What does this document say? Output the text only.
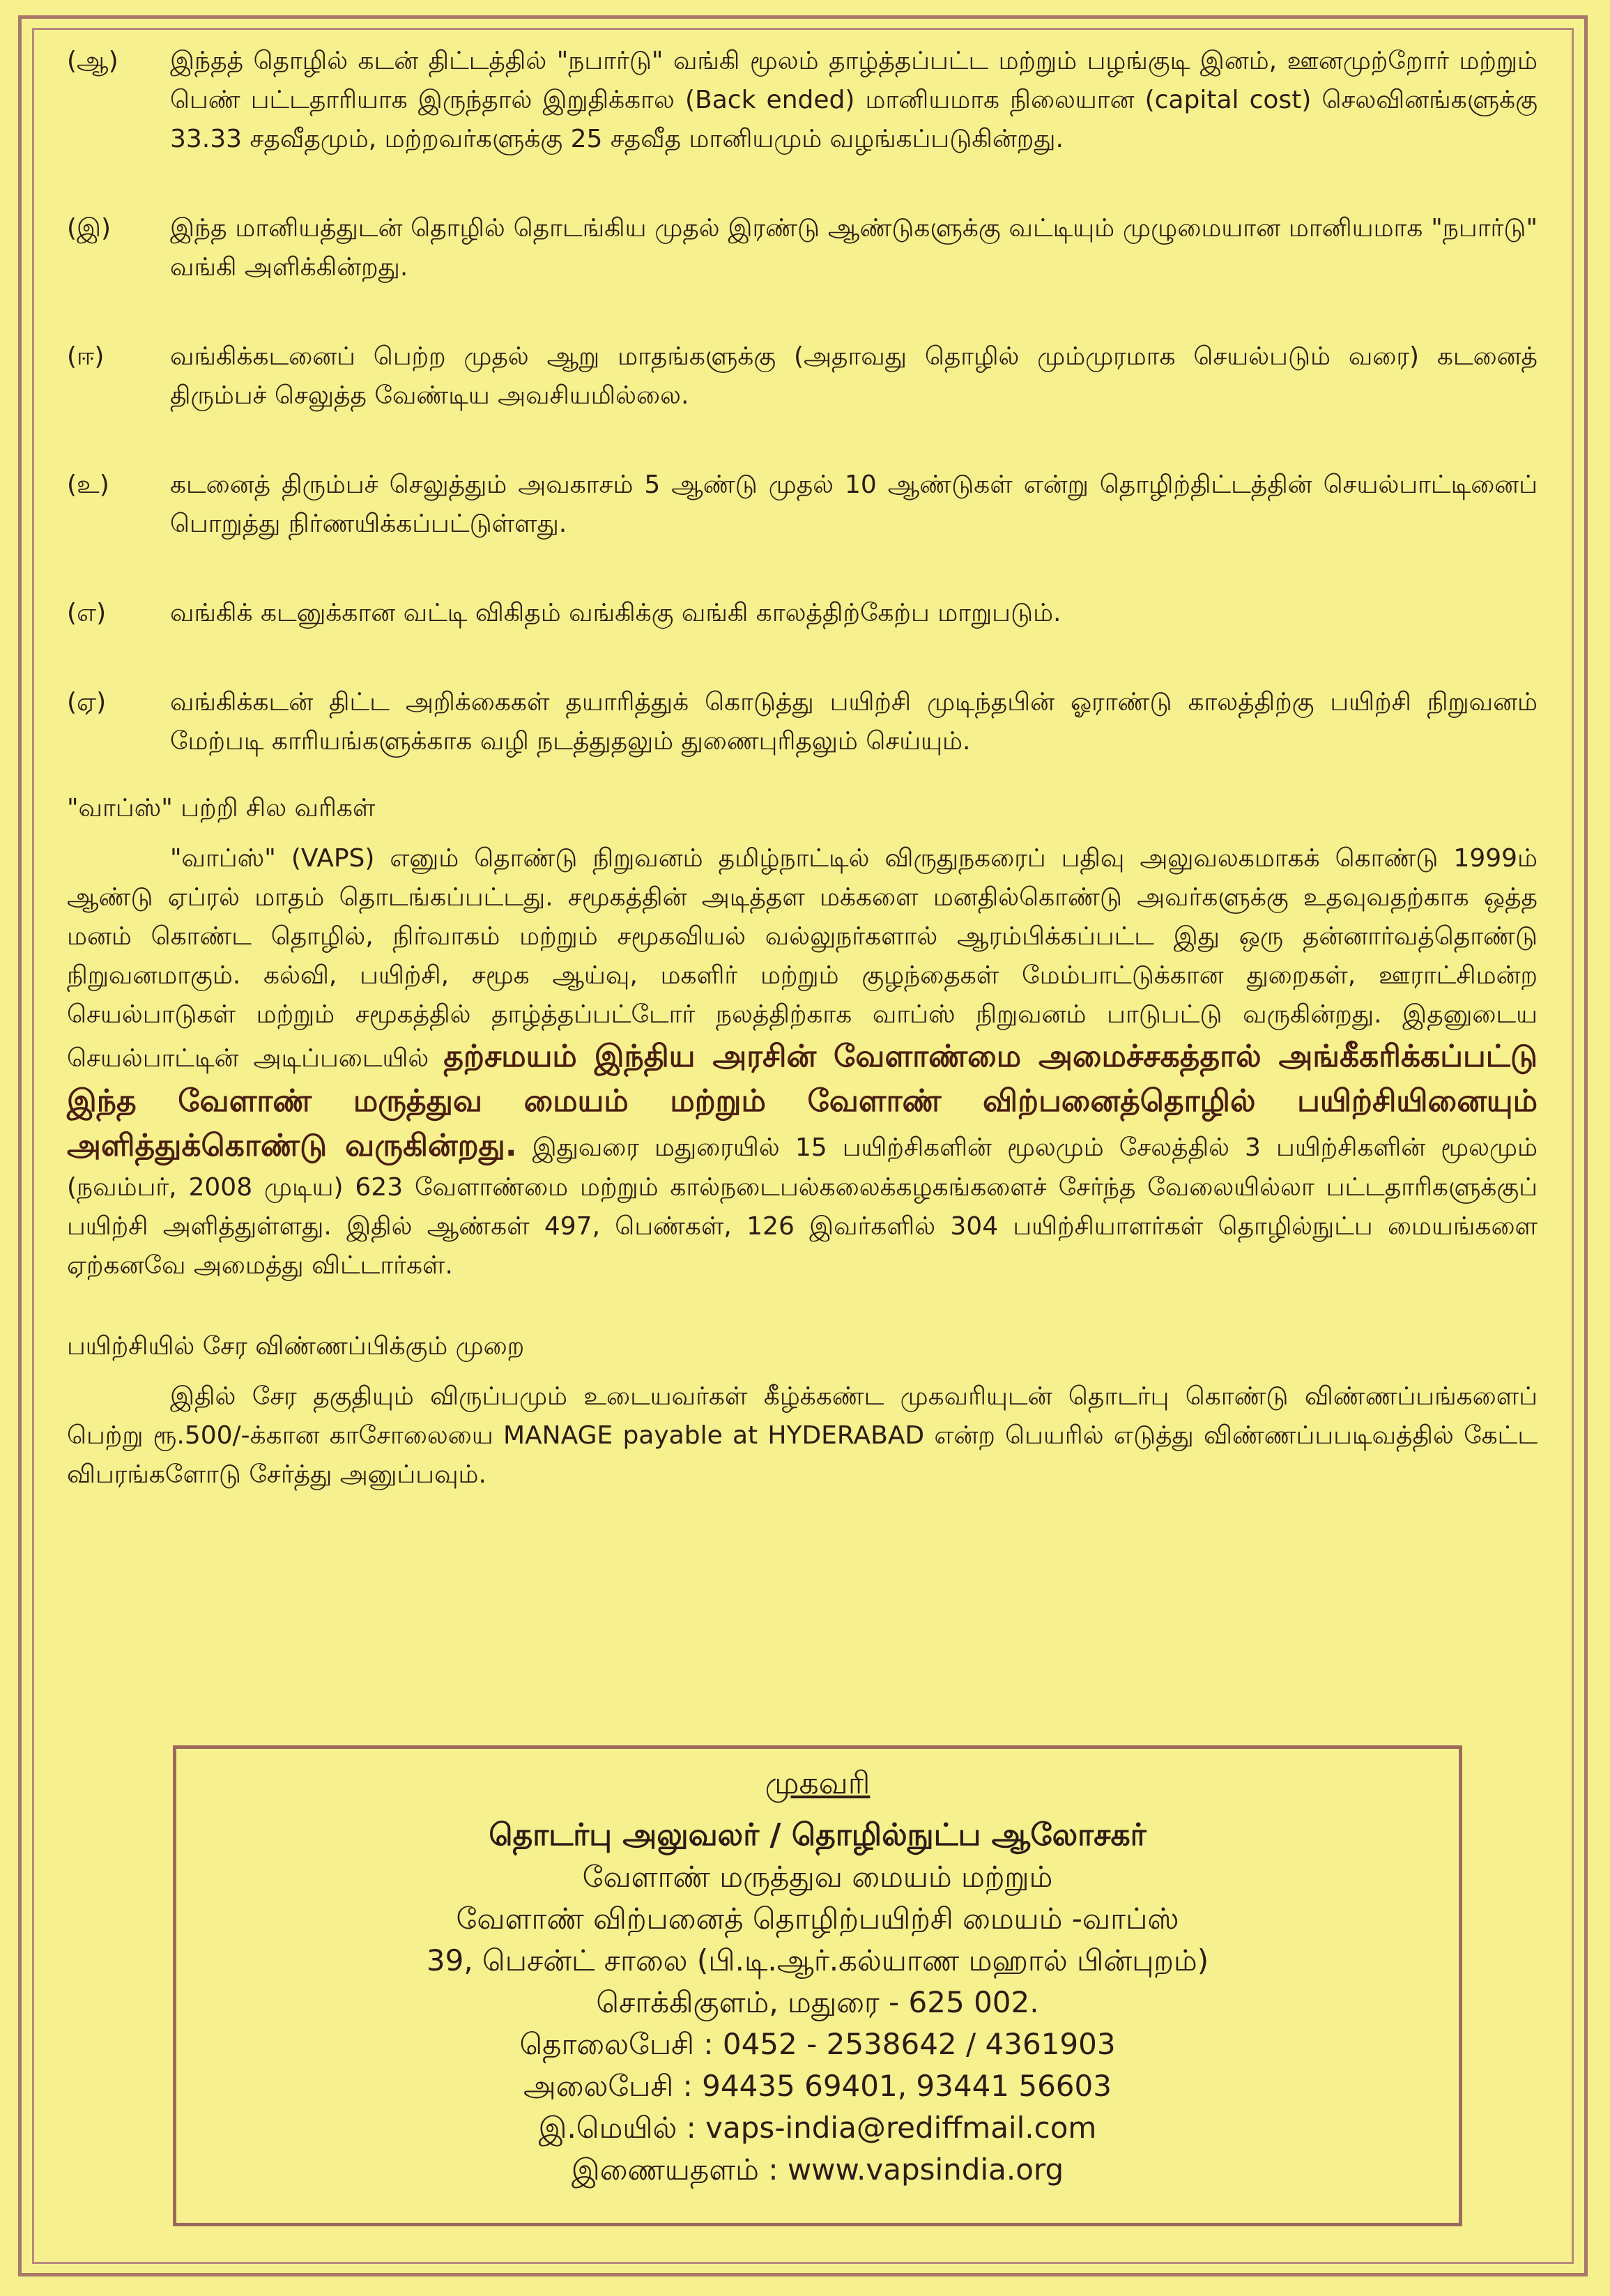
(ஆ)	இந்தத் தொழில் கடன் திட்டத்தில் "நபார்டு" வங்கி மூலம் தாழ்த்தப்பட்ட மற்றும் பழங்குடி இனம், ஊனமுற்றோர் மற்றும் பெண் பட்டதாரியாக இருந்தால் இறுதிக்கால (Back ended) மானியமாக நிலையான (capital cost) செலவினங்களுக்கு 33.33 சதவீதமும், மற்றவர்களுக்கு 25 சதவீத மானியமும் வழங்கப்படுகின்றது.
(இ)	இந்த மானியத்துடன் தொழில் தொடங்கிய முதல் இரண்டு ஆண்டுகளுக்கு வட்டியும் முழுமையான மானியமாக "நபார்டு" வங்கி அளிக்கின்றது.
(ஈ)	வங்கிக்கடனைப் பெற்ற முதல் ஆறு மாதங்களுக்கு (அதாவது தொழில் மும்முரமாக செயல்படும் வரை) கடனைத் திரும்பச் செலுத்த வேண்டிய அவசியமில்லை.
(உ)	கடனைத் திரும்பச் செலுத்தும் அவகாசம் 5 ஆண்டு முதல் 10 ஆண்டுகள் என்று தொழிற்திட்டத்தின் செயல்பாட்டினைப் பொறுத்து நிர்ணயிக்கப்பட்டுள்ளது.
(எ)	வங்கிக் கடனுக்கான வட்டி விகிதம் வங்கிக்கு வங்கி காலத்திற்கேற்ப மாறுபடும்.
(ஏ)	வங்கிக்கடன் திட்ட அறிக்கைகள் தயாரித்துக் கொடுத்து பயிற்சி முடிந்தபின் ஓராண்டு காலத்திற்கு பயிற்சி நிறுவனம் மேற்படி காரியங்களுக்காக வழி நடத்துதலும் துணைபுரிதலும் செய்யும்.
"வாப்ஸ்" பற்றி சில வரிகள்

"வாப்ஸ்" (VAPS) எனும் தொண்டு நிறுவனம் தமிழ்நாட்டில் விருதுநகரைப் பதிவு அலுவலகமாகக் கொண்டு 1999ம் ஆண்டு ஏப்ரல் மாதம் தொடங்கப்பட்டது. சமூகத்தின் அடித்தள மக்களை மனதில்கொண்டு அவர்களுக்கு உதவுவதற்காக ஒத்த மனம் கொண்ட தொழில், நிர்வாகம் மற்றும் சமூகவியல் வல்லுநர்களால் ஆரம்பிக்கப்பட்ட இது ஒரு தன்னார்வத்தொண்டு நிறுவனமாகும். கல்வி, பயிற்சி, சமூக ஆய்வு, மகளிர் மற்றும் குழந்தைகள் மேம்பாட்டுக்கான துறைகள், ஊராட்சிமன்ற செயல்பாடுகள் மற்றும் சமூகத்தில் தாழ்த்தப்பட்டோர் நலத்திற்காக வாப்ஸ் நிறுவனம் பாடுபட்டு வருகின்றது. இதனுடைய செயல்பாட்டின் அடிப்படையில் தற்சமயம் இந்திய அரசின் வேளாண்மை அமைச்சகத்தால் அங்கீகரிக்கப்பட்டு இந்த வேளாண் மருத்துவ மையம் மற்றும் வேளாண் விற்பனைத்தொழில் பயிற்சியினையும் அளித்துக்கொண்டு வருகின்றது. இதுவரை மதுரையில் 15 பயிற்சிகளின் மூலமும் சேலத்தில் 3 பயிற்சிகளின் மூலமும் (நவம்பர், 2008 முடிய) 623 வேளாண்மை மற்றும் கால்நடைபல்கலைக்கழகங்களைச் சேர்ந்த வேலையில்லா பட்டதாரிகளுக்குப் பயிற்சி அளித்துள்ளது. இதில் ஆண்கள் 497, பெண்கள், 126 இவர்களில் 304 பயிற்சியாளர்கள் தொழில்நுட்ப மையங்களை ஏற்கனவே அமைத்து விட்டார்கள்.

பயிற்சியில் சேர விண்ணப்பிக்கும் முறை

இதில் சேர தகுதியும் விருப்பமும் உடையவர்கள் கீழ்க்கண்ட முகவரியுடன் தொடர்பு கொண்டு விண்ணப்பங்களைப் பெற்று ரூ.500/-க்கான காசோலையை MANAGE payable at HYDERABAD என்ற பெயரில் எடுத்து விண்ணப்பபடிவத்தில் கேட்ட விபரங்களோடு சேர்த்து அனுப்பவும்.

முகவரி
தொடர்பு அலுவலர் / தொழில்நுட்ப ஆலோசகர்
வேளாண் மருத்துவ மையம் மற்றும்
வேளாண் விற்பனைத் தொழிற்பயிற்சி மையம் -வாப்ஸ்
39, பெசன்ட் சாலை (பி.டி.ஆர்.கல்யாண மஹால் பின்புறம்)
சொக்கிகுளம், மதுரை - 625 002.
தொலைபேசி : 0452 - 2538642 / 4361903
அலைபேசி : 94435 69401, 93441 56603
இ.மெயில் : vaps-india@rediffmail.com
இணையதளம் : www.vapsindia.org
